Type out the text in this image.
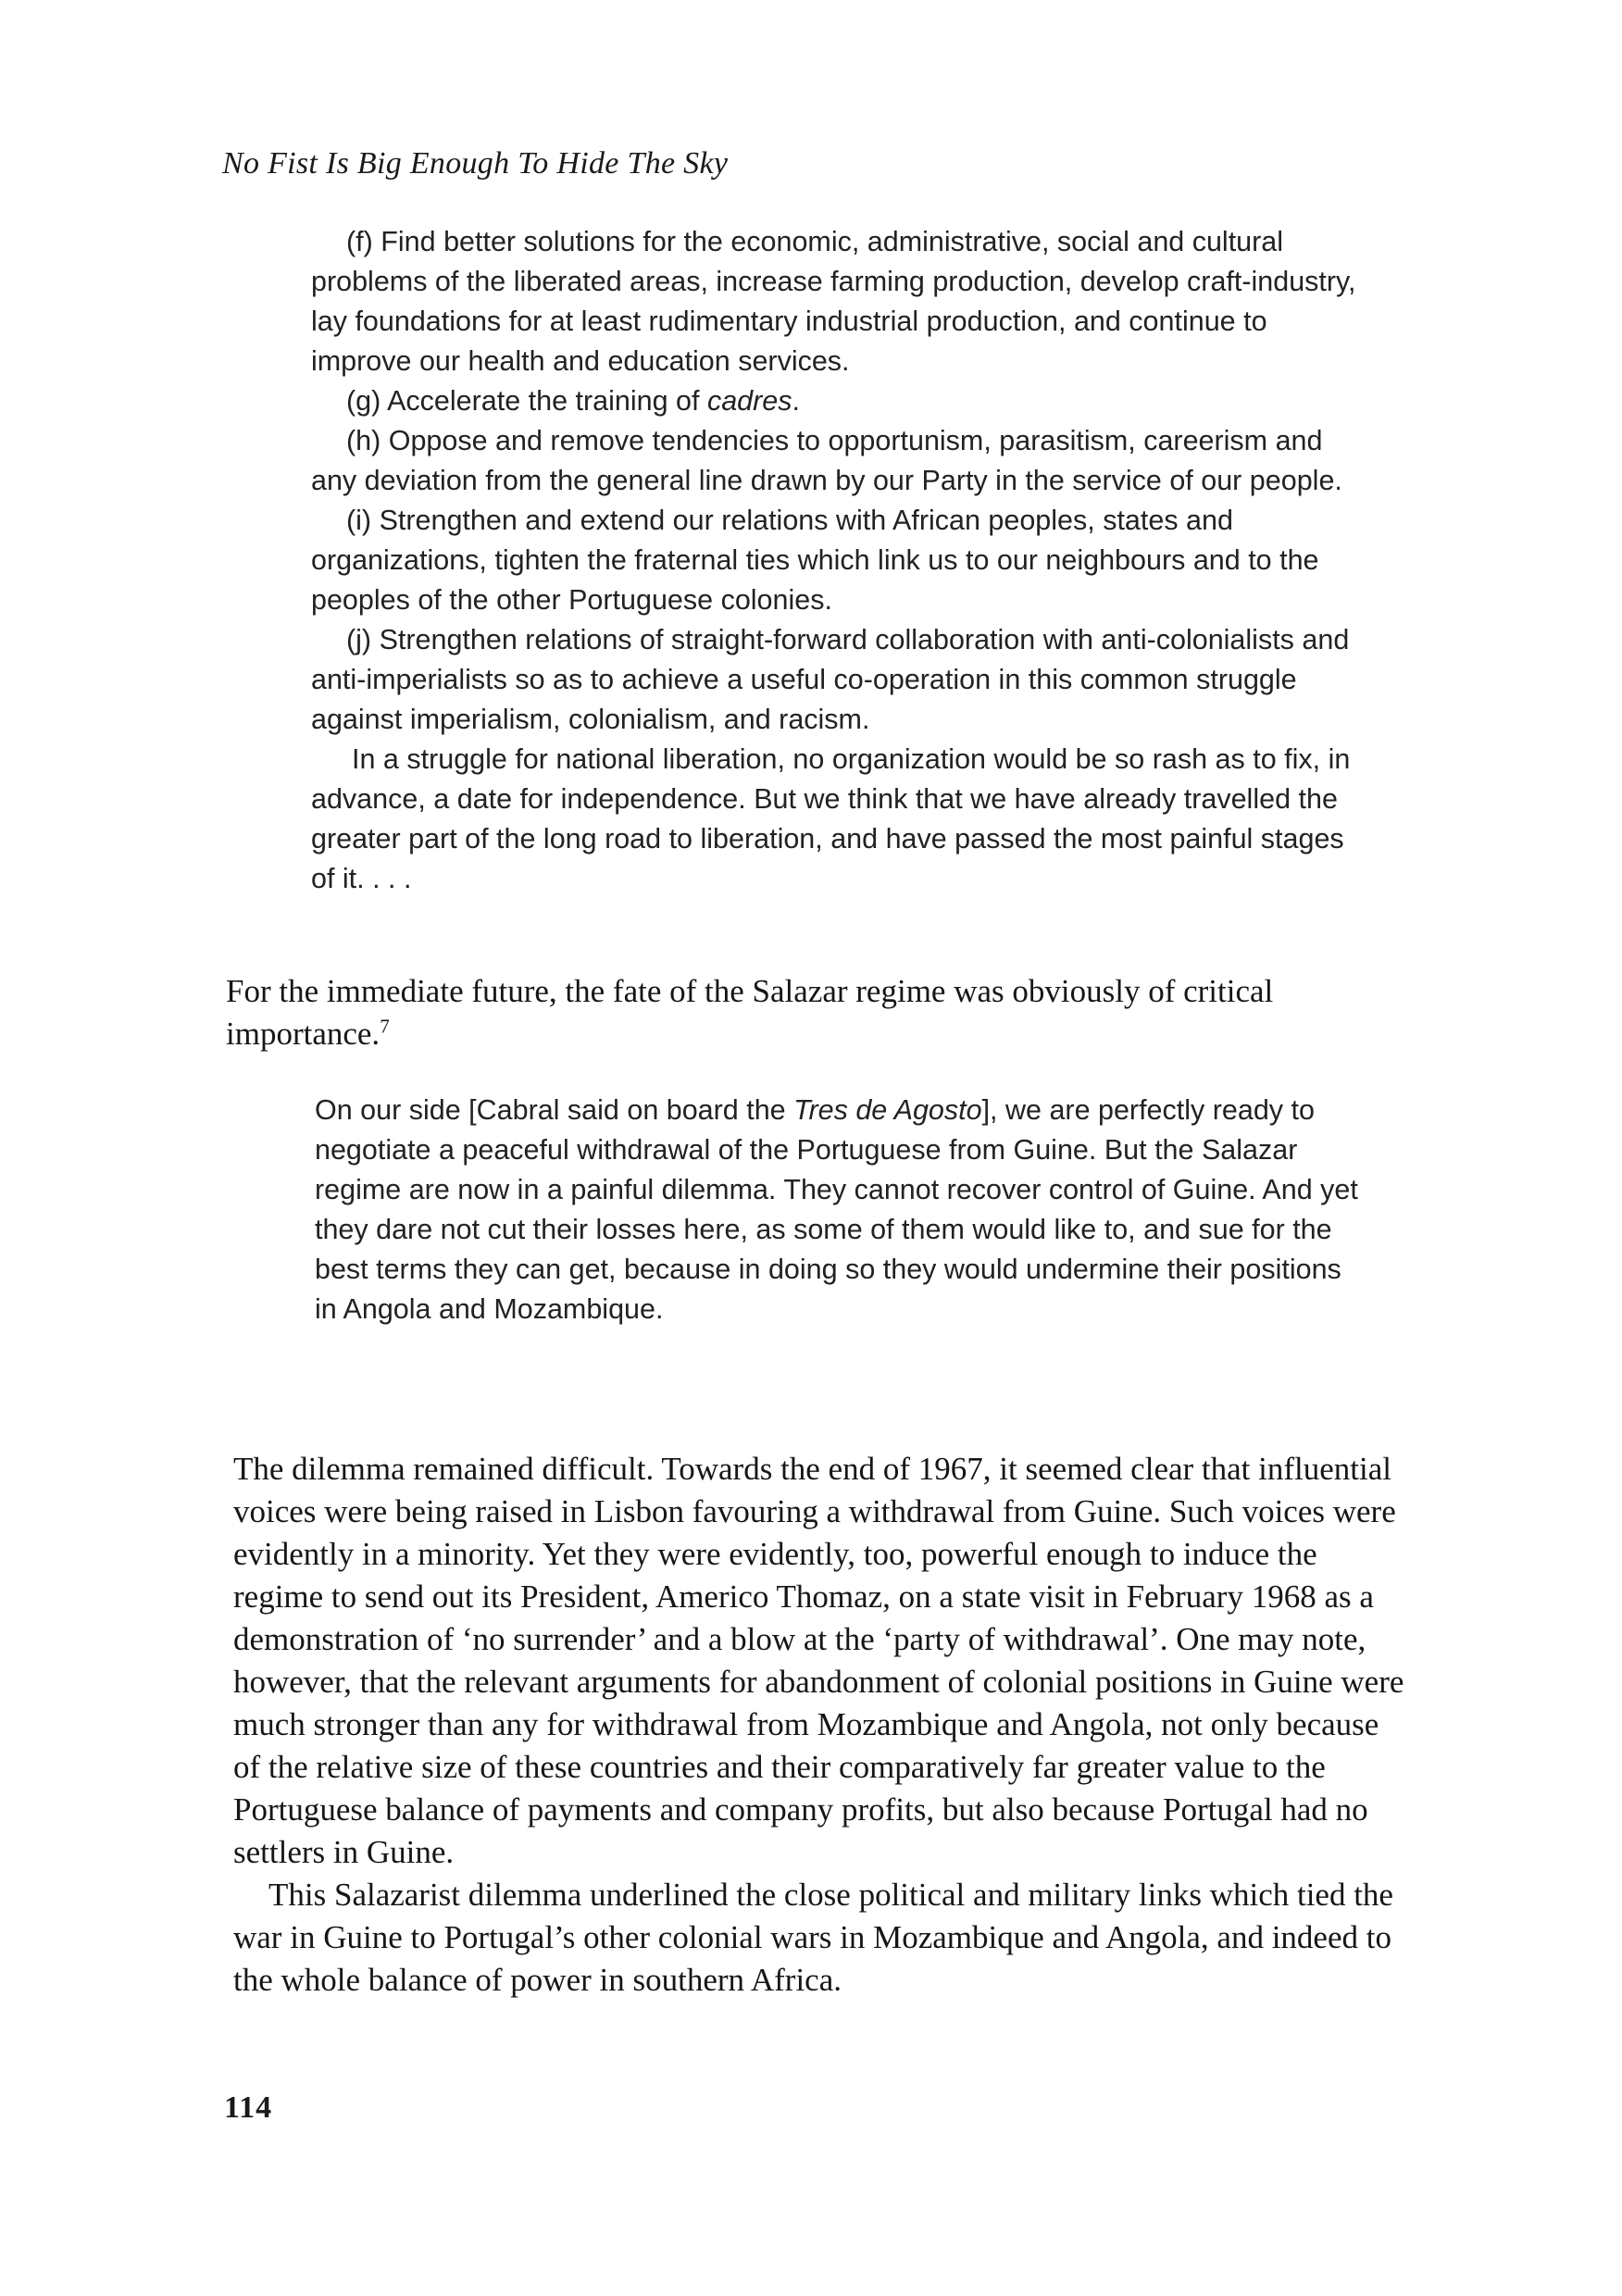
No Fist Is Big Enough To Hide The Sky

(f) Find better solutions for the economic, administrative, social and cultural problems of the liberated areas, increase farming production, develop craft-industry, lay foundations for at least rudimentary industrial production, and continue to improve our health and education services.

(g) Accelerate the training of cadres.

(h) Oppose and remove tendencies to opportunism, parasitism, careerism and any deviation from the general line drawn by our Party in the service of our people.

(i) Strengthen and extend our relations with African peoples, states and organizations, tighten the fraternal ties which link us to our neighbours and to the peoples of the other Portuguese colonies.

(j) Strengthen relations of straight-forward collaboration with anti-colonialists and anti-imperialists so as to achieve a useful co-operation in this common struggle against imperialism, colonialism, and racism.

In a struggle for national liberation, no organization would be so rash as to fix, in advance, a date for independence. But we think that we have already travelled the greater part of the long road to liberation, and have passed the most painful stages of it. . . .

For the immediate future, the fate of the Salazar regime was obviously of critical importance.$^7$

On our side [Cabral said on board the Tres de Agosto], we are perfectly ready to negotiate a peaceful withdrawal of the Portuguese from Guine. But the Salazar regime are now in a painful dilemma. They cannot recover control of Guine. And yet they dare not cut their losses here, as some of them would like to, and sue for the best terms they can get, because in doing so they would undermine their positions in Angola and Mozambique.

The dilemma remained difficult. Towards the end of 1967, it seemed clear that influential voices were being raised in Lisbon favouring a withdrawal from Guine. Such voices were evidently in a minority. Yet they were evidently, too, powerful enough to induce the regime to send out its President, Americo Thomaz, on a state visit in February 1968 as a demonstration of ‘no surrender’ and a blow at the ‘party of withdrawal’. One may note, however, that the relevant arguments for abandonment of colonial positions in Guine were much stronger than any for withdrawal from Mozambique and Angola, not only because of the relative size of these countries and their comparatively far greater value to the Portuguese balance of payments and company profits, but also because Portugal had no settlers in Guine.

This Salazarist dilemma underlined the close political and military links which tied the war in Guine to Portugal’s other colonial wars in Mozambique and Angola, and indeed to the whole balance of power in southern Africa.

114
